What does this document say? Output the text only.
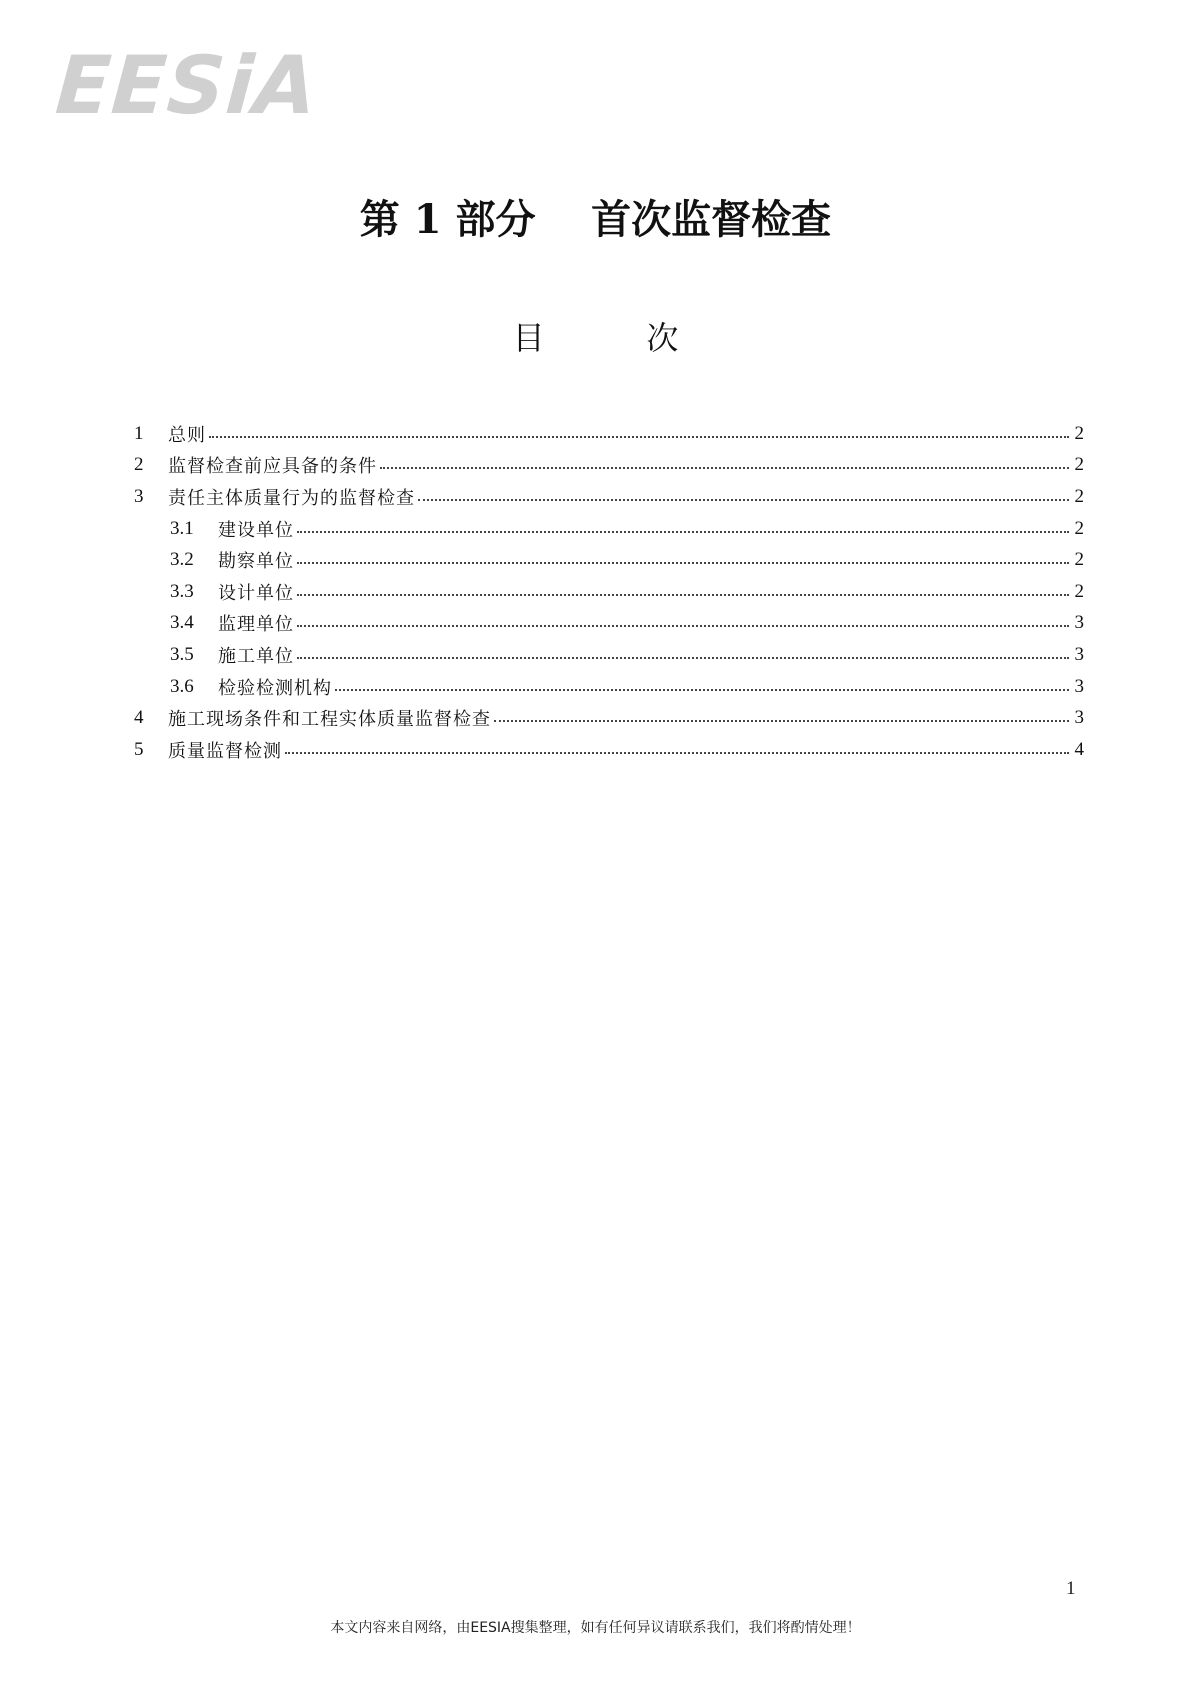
EESiA
第 1 部分    首次监督检查
目          次
1	总则	2
2	监督检查前应具备的条件	2
3	责任主体质量行为的监督检查	2
3.1	建设单位	2
3.2	勘察单位	2
3.3	设计单位	2
3.4	监理单位	3
3.5	施工单位	3
3.6	检验检测机构	3
4	施工现场条件和工程实体质量监督检查	3
5	质量监督检测	4
1
本文内容来自网络，由EESIA搜集整理，如有任何异议请联系我们，我们将酌情处理！
